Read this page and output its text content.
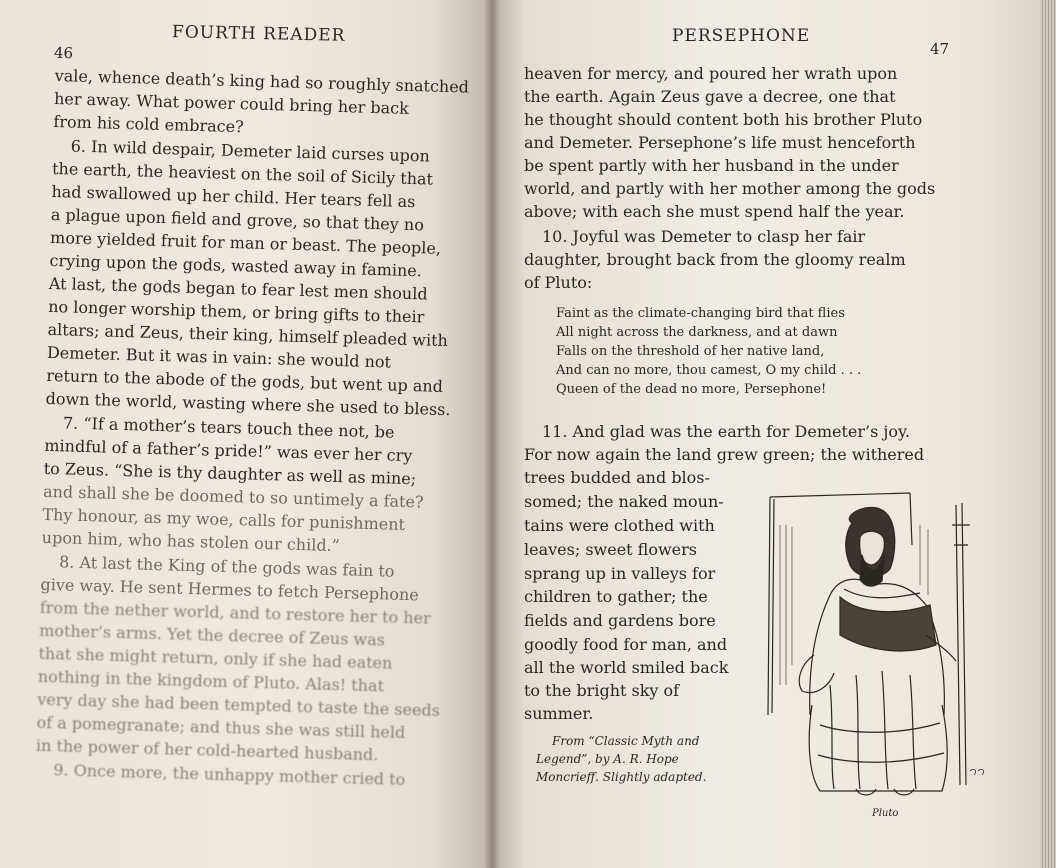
46
FOURTH READER
vale, whence death’s king had so roughly snatched
her away. What power could bring her back
from his cold embrace?
6. In wild despair, Demeter laid curses upon
the earth, the heaviest on the soil of Sicily that
had swallowed up her child. Her tears fell as
a plague upon field and grove, so that they no
more yielded fruit for man or beast. The people,
crying upon the gods, wasted away in famine.
At last, the gods began to fear lest men should
no longer worship them, or bring gifts to their
altars; and Zeus, their king, himself pleaded with
Demeter. But it was in vain: she would not
return to the abode of the gods, but went up and
down the world, wasting where she used to bless.
7. “If a mother’s tears touch thee not, be
mindful of a father’s pride!” was ever her cry
to Zeus. “She is thy daughter as well as mine;
and shall she be doomed to so untimely a fate?
Thy honour, as my woe, calls for punishment
upon him, who has stolen our child.”
8. At last the King of the gods was fain to
give way. He sent Hermes to fetch Persephone
from the nether world, and to restore her to her
mother’s arms. Yet the decree of Zeus was
that she might return, only if she had eaten
nothing in the kingdom of Pluto. Alas! that
very day she had been tempted to taste the seeds
of a pomegranate; and thus she was still held
in the power of her cold-hearted husband.
9. Once more, the unhappy mother cried to
PERSEPHONE
47
heaven for mercy, and poured her wrath upon
the earth. Again Zeus gave a decree, one that
he thought should content both his brother Pluto
and Demeter. Persephone’s life must henceforth
be spent partly with her husband in the under
world, and partly with her mother among the gods
above; with each she must spend half the year.
10. Joyful was Demeter to clasp her fair
daughter, brought back from the gloomy realm
of Pluto:
Faint as the climate-changing bird that flies
All night across the darkness, and at dawn
Falls on the threshold of her native land,
And can no more, thou camest, O my child . . .
Queen of the dead no more, Persephone!
11. And glad was the earth for Demeter’s joy.
For now again the land grew green; the withered
trees budded and blos-
somed; the naked moun-
tains were clothed with
leaves; sweet flowers
sprang up in valleys for
children to gather; the
fields and gardens bore
goodly food for man, and
all the world smiled back
to the bright sky of
summer.
From “Classic Myth and
Legend”, by A. R. Hope
Moncrieff. Slightly adapted.
Pluto
